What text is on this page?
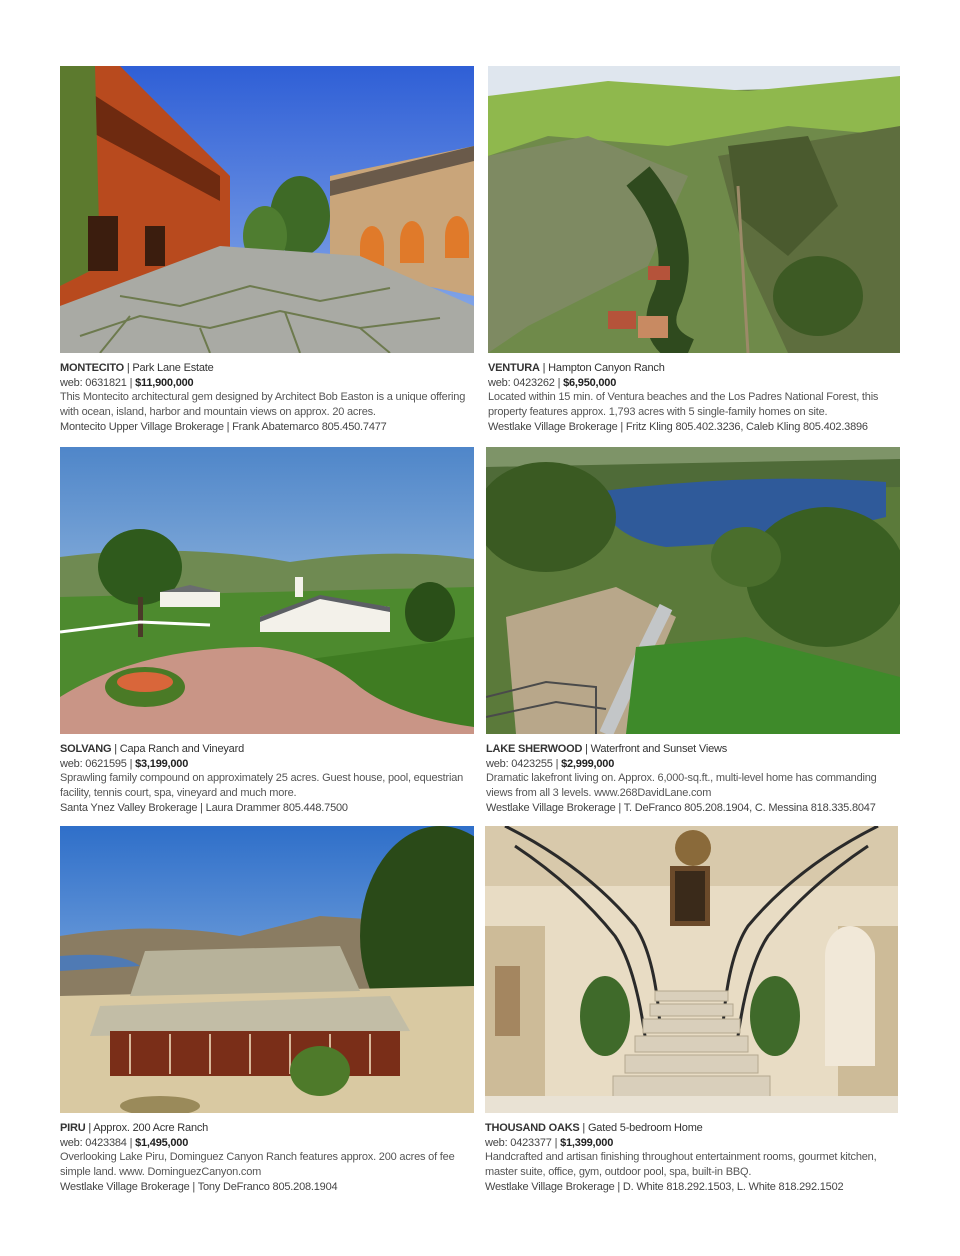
MONTECITO | Park Lane Estate
web: 0631821 | $11,900,000
This Montecito architectural gem designed by Architect Bob Easton is a unique offering with ocean, island, harbor and mountain views on approx. 20 acres.
Montecito Upper Village Brokerage | Frank Abatemarco 805.450.7477
VENTURA | Hampton Canyon Ranch
web: 0423262 | $6,950,000
Located within 15 min. of Ventura beaches and the Los Padres National Forest, this property features approx. 1,793 acres with 5 single-family homes on site.
Westlake Village Brokerage | Fritz Kling 805.402.3236, Caleb Kling 805.402.3896
SOLVANG | Capa Ranch and Vineyard
web: 0621595 | $3,199,000
Sprawling family compound on approximately 25 acres. Guest house, pool, equestrian facility, tennis court, spa, vineyard and much more.
Santa Ynez Valley Brokerage | Laura Drammer 805.448.7500
LAKE SHERWOOD | Waterfront and Sunset Views
web: 0423255 | $2,999,000
Dramatic lakefront living on. Approx. 6,000-sq.ft., multi-level home has commanding views from all 3 levels. www.268DavidLane.com
Westlake Village Brokerage | T. DeFranco 805.208.1904, C. Messina 818.335.8047
PIRU | Approx. 200 Acre Ranch
web: 0423384 | $1,495,000
Overlooking Lake Piru, Dominguez Canyon Ranch features approx. 200 acres of fee simple land. www. DominguezCanyon.com
Westlake Village Brokerage | Tony DeFranco 805.208.1904
THOUSAND OAKS | Gated 5-bedroom Home
web: 0423377 | $1,399,000
Handcrafted and artisan finishing throughout entertainment rooms, gourmet kitchen, master suite, office, gym, outdoor pool, spa, built-in BBQ.
Westlake Village Brokerage | D. White 818.292.1503, L. White 818.292.1502
